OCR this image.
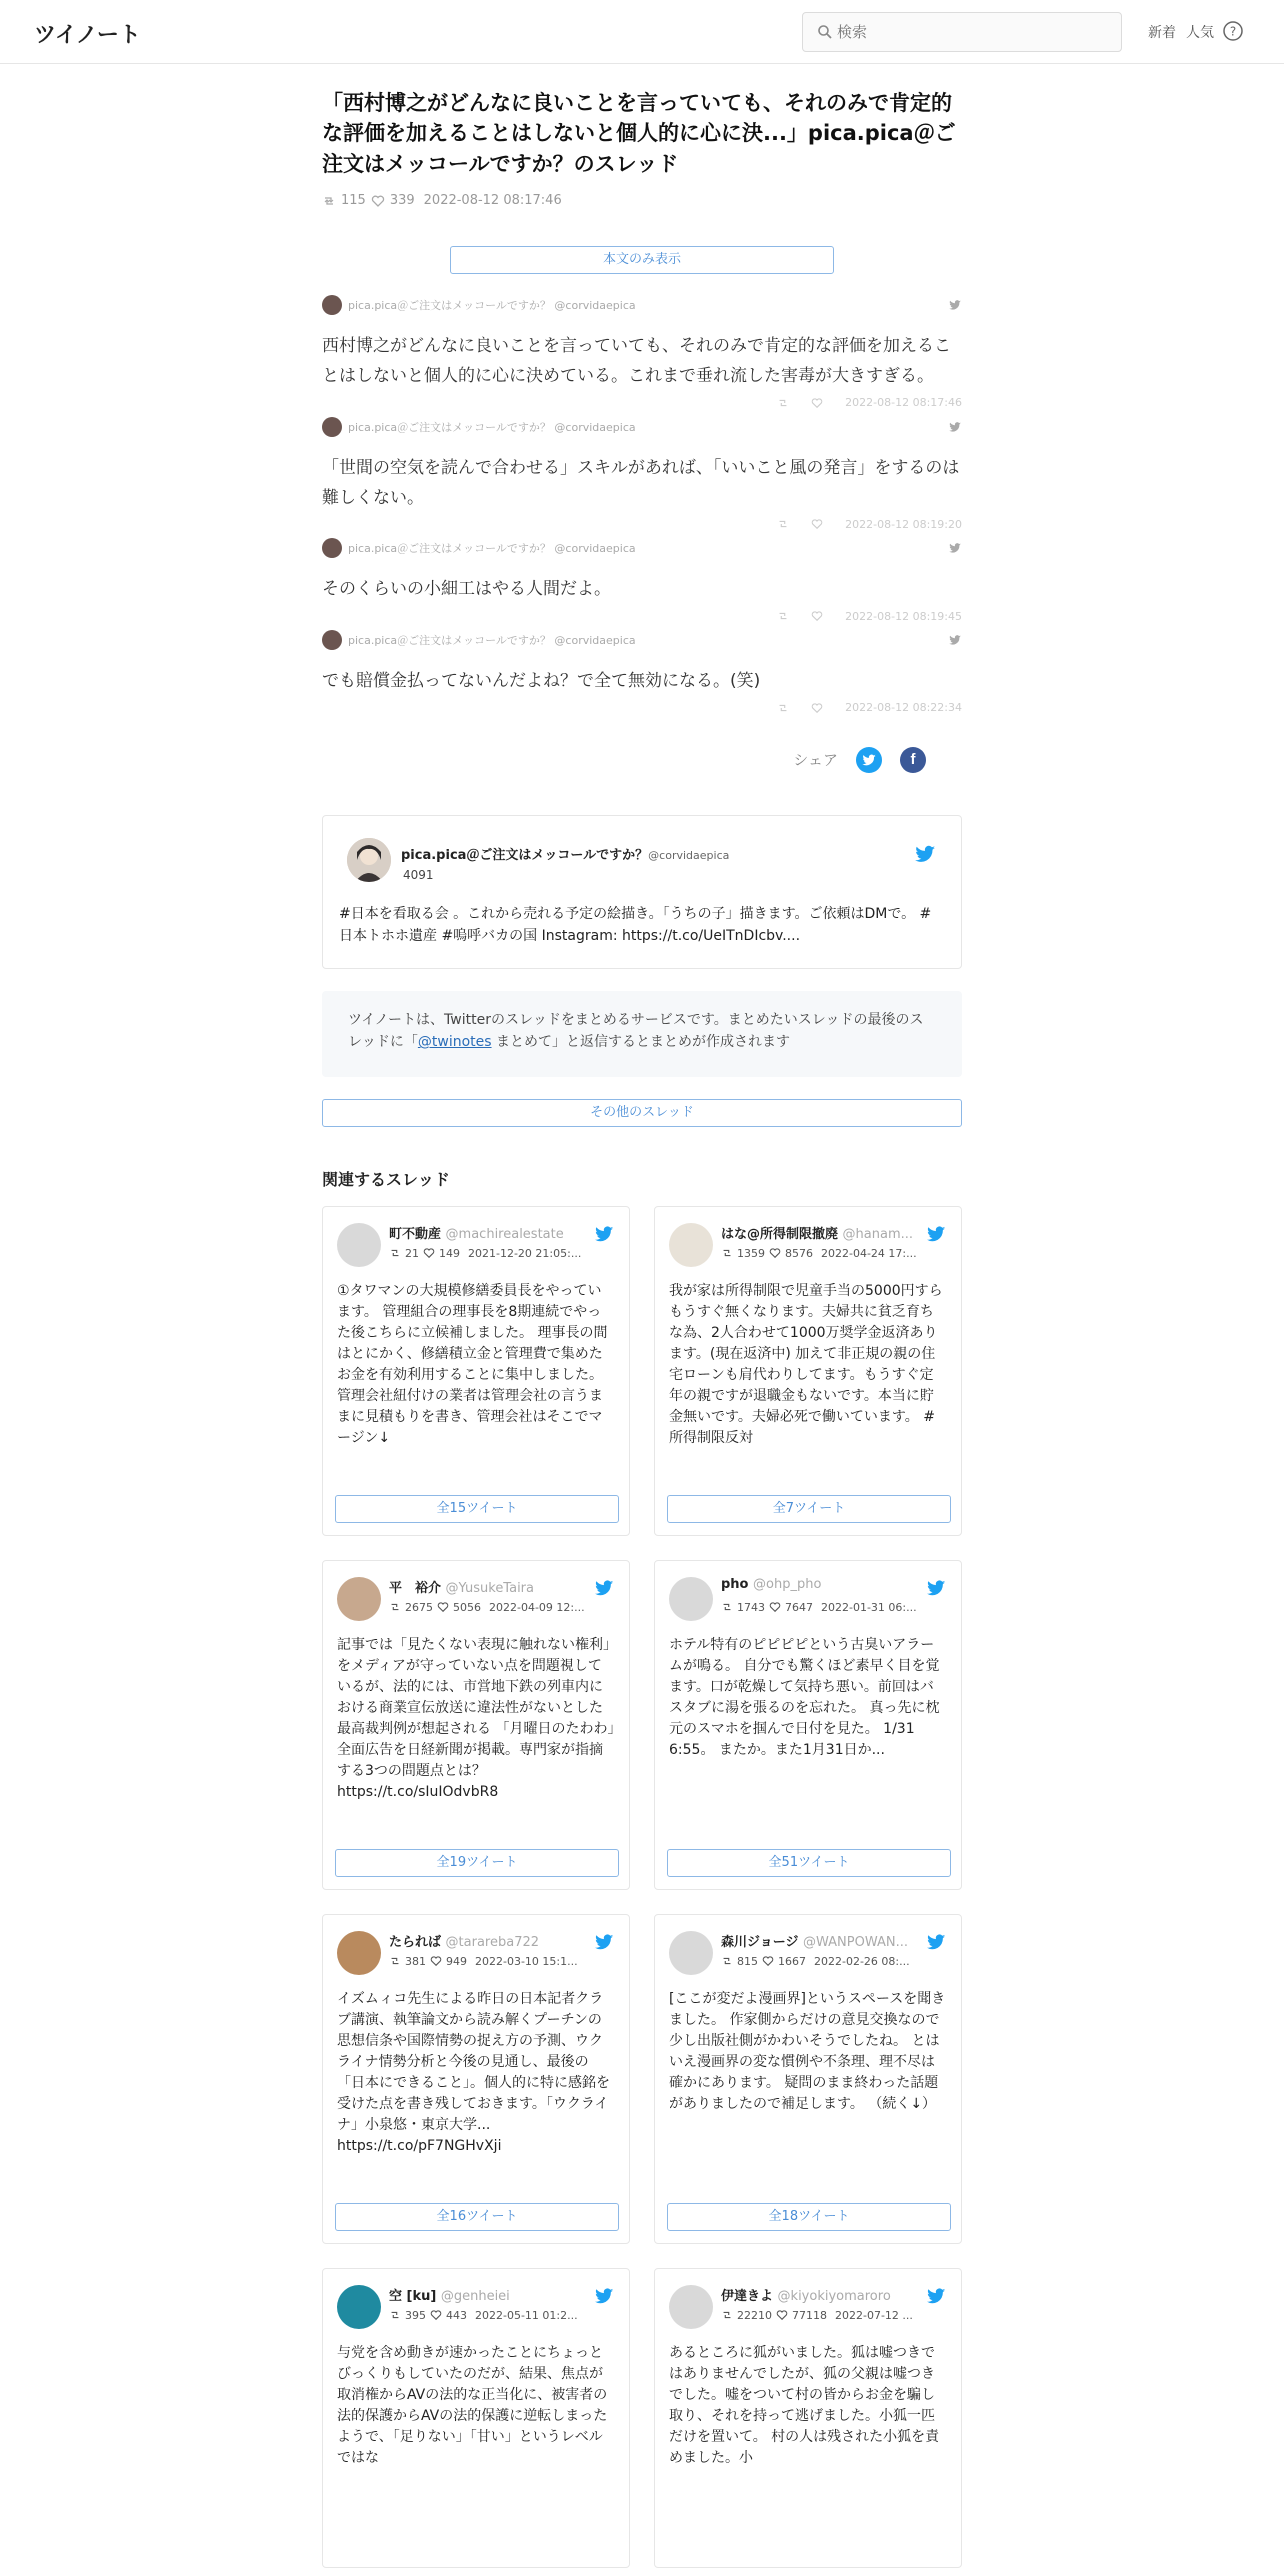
ツイノート
検索	新着 人気 ?
「西村博之がどんなに良いことを言っていても、それのみで肯定的な評価を加えることはしないと個人的に心に決...」pica.pica＠ご注文はメッコールですか？のスレッド
115 339 2022-08-12 08:17:46
本文のみ表示
pica.pica＠ご注文はメッコールですか？ @corvidaepica

西村博之がどんなに良いことを言っていても、それのみで肯定的な評価を加えることはしないと個人的に心に決めている。これまで垂れ流した害毒が大きすぎる。

2022-08-12 08:17:46
pica.pica＠ご注文はメッコールですか？ @corvidaepica

「世間の空気を読んで合わせる」スキルがあれば、「いいこと風の発言」をするのは難しくない。

2022-08-12 08:19:20
pica.pica＠ご注文はメッコールですか？ @corvidaepica

そのくらいの小細工はやる人間だよ。

2022-08-12 08:19:45
pica.pica＠ご注文はメッコールですか？ @corvidaepica

でも賠償金払ってないんだよね？で全て無効になる。(笑)

2022-08-12 08:22:34
シェア	f
pica.pica＠ご注文はメッコールですか？@corvidaepica
4091

#日本を看取る会 。これから売れる予定の絵描き。「うちの子」描きます。ご依頼はDMで。 #日本トホホ遺産 #嗚呼バカの国 Instagram: https://t.co/UeITnDIcbv....

ツイノートは、Twitterのスレッドをまとめるサービスです。まとめたいスレッドの最後のスレッドに「@twinotes まとめて」と返信するとまとめが作成されます
その他のスレッド
関連するスレッド
町不動産 @machirealestate
21 149 2021-12-20 21:05:...

①タワマンの大規模修繕委員長をやっています。 管理組合の理事長を8期連続でやった後こちらに立候補しました。 理事長の間はとにかく、修繕積立金と管理費で集めたお金を有効利用することに集中しました。管理会社紐付けの業者は管理会社の言うままに見積もりを書き、管理会社はそこでマージン↓

全15ツイート
はな@所得制限撤廃 @hanam...
1359 8576 2022-04-24 17:...

我が家は所得制限で児童手当の5000円すらもうすぐ無くなります。夫婦共に貧乏育ちな為、2人合わせて1000万奨学金返済あります。(現在返済中) 加えて非正規の親の住宅ローンも肩代わりしてます。もうすぐ定年の親ですが退職金もないです。本当に貯金無いです。夫婦必死で働いています。 #所得制限反対

全7ツイート
平　裕介 @YusukeTaira
2675 5056 2022-04-09 12:...

記事では「見たくない表現に触れない権利」をメディアが守っていない点を問題視しているが、法的には、市営地下鉄の列車内における商業宣伝放送に違法性がないとした最高裁判例が想起される 「月曜日のたわわ」全面広告を日経新聞が掲載。専門家が指摘する3つの問題点とは？ https://t.co/sIuIOdvbR8

全19ツイート
pho @ohp_pho
1743 7647 2022-01-31 06:...

ホテル特有のピピピピという古臭いアラームが鳴る。 自分でも驚くほど素早く目を覚ます。口が乾燥して気持ち悪い。前回はバスタブに湯を張るのを忘れた。 真っ先に枕元のスマホを掴んで日付を見た。 1/31 6:55。 またか。また1月31日か...

全51ツイート
たられば @tarareba722
381 949 2022-03-10 15:1...

イズムィコ先生による昨日の日本記者クラブ講演、執筆論文から読み解くプーチンの思想信条や国際情勢の捉え方の予測、ウクライナ情勢分析と今後の見通し、最後の「日本にできること」。個人的に特に感銘を受けた点を書き残しておきます。「ウクライナ」小泉悠・東京大学... https://t.co/pF7NGHvXji

全16ツイート
森川ジョージ @WANPOWAN...
815 1667 2022-02-26 08:...

[ここが変だよ漫画界]というスペースを聞きました。 作家側からだけの意見交換なので少し出版社側がかわいそうでしたね。 とはいえ漫画界の変な慣例や不条理、理不尽は確かにあります。 疑問のまま終わった話題がありましたので補足します。 （続く↓）

全18ツイート
空 [ku] @genheiei
395 443 2022-05-11 01:2...

与党を含め動きが速かったことにちょっとびっくりもしていたのだが、結果、焦点が取消権からAVの法的な正当化に、被害者の法的保護からAVの法的保護に逆転しまったようで、「足りない」「甘い」というレベルではな

伊達きよ @kiyokiyomaroro
22210 77118 2022-07-12 ...

あるところに狐がいました。狐は嘘つきではありませんでしたが、狐の父親は嘘つきでした。嘘をついて村の皆からお金を騙し取り、それを持って逃げました。小狐一匹だけを置いて。 村の人は残された小狐を責めました。小
